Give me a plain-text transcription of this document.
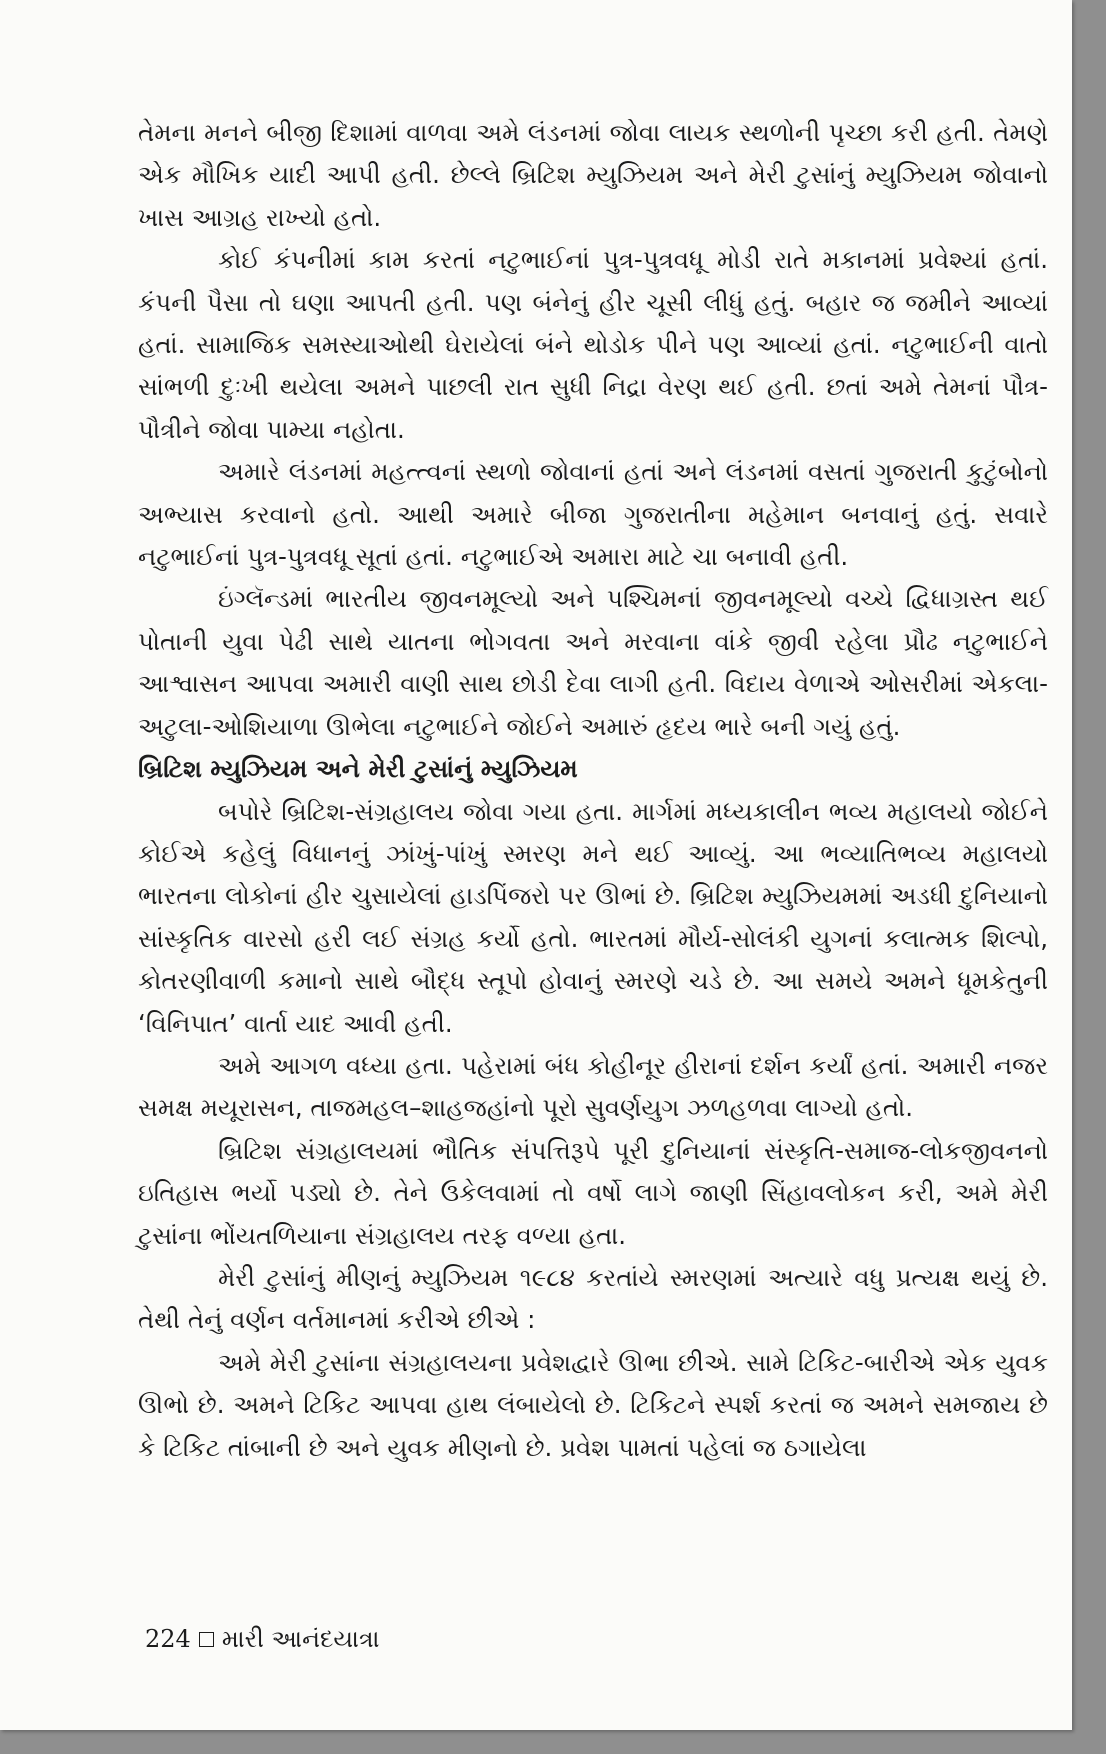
તેમના મનને બીજી દિશામાં વાળવા અમે લંડનમાં જોવા લાયક સ્થળોની પૃચ્છા કરી હતી. તેમણે એક મૌખિક યાદી આપી હતી. છેલ્લે બ્રિટિશ મ્યુઝિયમ અને મેરી ટુસાંનું મ્યુઝિયમ જોવાનો ખાસ આગ્રહ રાખ્યો હતો.

કોઈ કંપનીમાં કામ કરતાં નટુભાઈનાં પુત્ર-પુત્રવધૂ મોડી રાતે મકાનમાં પ્રવેશ્યાં હતાં. કંપની પૈસા તો ઘણા આપતી હતી. પણ બંનેનું હીર ચૂસી લીધું હતું. બહાર જ જમીને આવ્યાં હતાં. સામાજિક સમસ્યાઓથી ઘેરાયેલાં બંને થોડોક પીને પણ આવ્યાં હતાં. નટુભાઈની વાતો સાંભળી દુઃખી થયેલા અમને પાછલી રાત સુધી નિદ્રા વેરણ થઈ હતી. છતાં અમે તેમનાં પૌત્ર-પૌત્રીને જોવા પામ્યા નહોતા.

અમારે લંડનમાં મહત્ત્વનાં સ્થળો જોવાનાં હતાં અને લંડનમાં વસતાં ગુજરાતી કુટુંબોનો અભ્યાસ કરવાનો હતો. આથી અમારે બીજા ગુજરાતીના મહેમાન બનવાનું હતું. સવારે નટુભાઈનાં પુત્ર-પુત્રવધૂ સૂતાં હતાં. નટુભાઈએ અમારા માટે ચા બનાવી હતી.

ઇંગ્લૅન્ડમાં ભારતીય જીવનમૂલ્યો અને પશ્ચિમનાં જીવનમૂલ્યો વચ્ચે દ્વિધાગ્રસ્ત થઈ પોતાની યુવા પેઢી સાથે યાતના ભોગવતા અને મરવાના વાંકે જીવી રહેલા પ્રૌઢ નટુભાઈને આશ્વાસન આપવા અમારી વાણી સાથ છોડી દેવા લાગી હતી. વિદાય વેળાએ ઓસરીમાં એકલા-અટુલા-ઓશિયાળા ઊભેલા નટુભાઈને જોઈને અમારું હૃદય ભારે બની ગયું હતું.

બ્રિટિશ મ્યુઝિયમ અને મેરી ટુસાંનું મ્યુઝિયમ

બપોરે બ્રિટિશ-સંગ્રહાલય જોવા ગયા હતા. માર્ગમાં મધ્યકાલીન ભવ્ય મહાલયો જોઈને કોઈએ કહેલું વિધાનનું ઝાંખું-પાંખું સ્મરણ મને થઈ આવ્યું. આ ભવ્યાતિભવ્ય મહાલયો ભારતના લોકોનાં હીર ચુસાયેલાં હાડપિંજરો પર ઊભાં છે. બ્રિટિશ મ્યુઝિયમમાં અડધી દુનિયાનો સાંસ્કૃતિક વારસો હરી લઈ સંગ્રહ કર્યો હતો. ભારતમાં મૌર્ય-સોલંકી યુગનાં કલાત્મક શિલ્પો, કોતરણીવાળી કમાનો સાથે બૌદ્ધ સ્તૂપો હોવાનું સ્મરણે ચડે છે. આ સમયે અમને ધૂમકેતુની ‘વિનિપાત’ વાર્તા યાદ આવી હતી.

અમે આગળ વધ્યા હતા. પહેરામાં બંધ કોહીનૂર હીરાનાં દર્શન કર્યાં હતાં. અમારી નજર સમક્ષ મયૂરાસન, તાજમહલ–શાહજહાંનો પૂરો સુવર્ણયુગ ઝળહળવા લાગ્યો હતો.

બ્રિટિશ સંગ્રહાલયમાં ભૌતિક સંપત્તિરૂપે પૂરી દુનિયાનાં સંસ્કૃતિ-સમાજ-લોકજીવનનો ઇતિહાસ ભર્યો પડ્યો છે. તેને ઉકેલવામાં તો વર્ષો લાગે જાણી સિંહાવલોકન કરી, અમે મેરી ટુસાંના ભોંયતળિયાના સંગ્રહાલય તરફ વળ્યા હતા.

મેરી ટુસાંનું મીણનું મ્યુઝિયમ ૧૯૮૪ કરતાંયે સ્મરણમાં અત્યારે વધુ પ્રત્યક્ષ થયું છે. તેથી તેનું વર્ણન વર્તમાનમાં કરીએ છીએ :

અમે મેરી ટુસાંના સંગ્રહાલયના પ્રવેશદ્વારે ઊભા છીએ. સામે ટિકિટ-બારીએ એક યુવક ઊભો છે. અમને ટિકિટ આપવા હાથ લંબાયેલો છે. ટિકિટને સ્પર્શ કરતાં જ અમને સમજાય છે કે ટિકિટ તાંબાની છે અને યુવક મીણનો છે. પ્રવેશ પામતાં પહેલાં જ ઠગાયેલા

224 મારી આનંદયાત્રા
